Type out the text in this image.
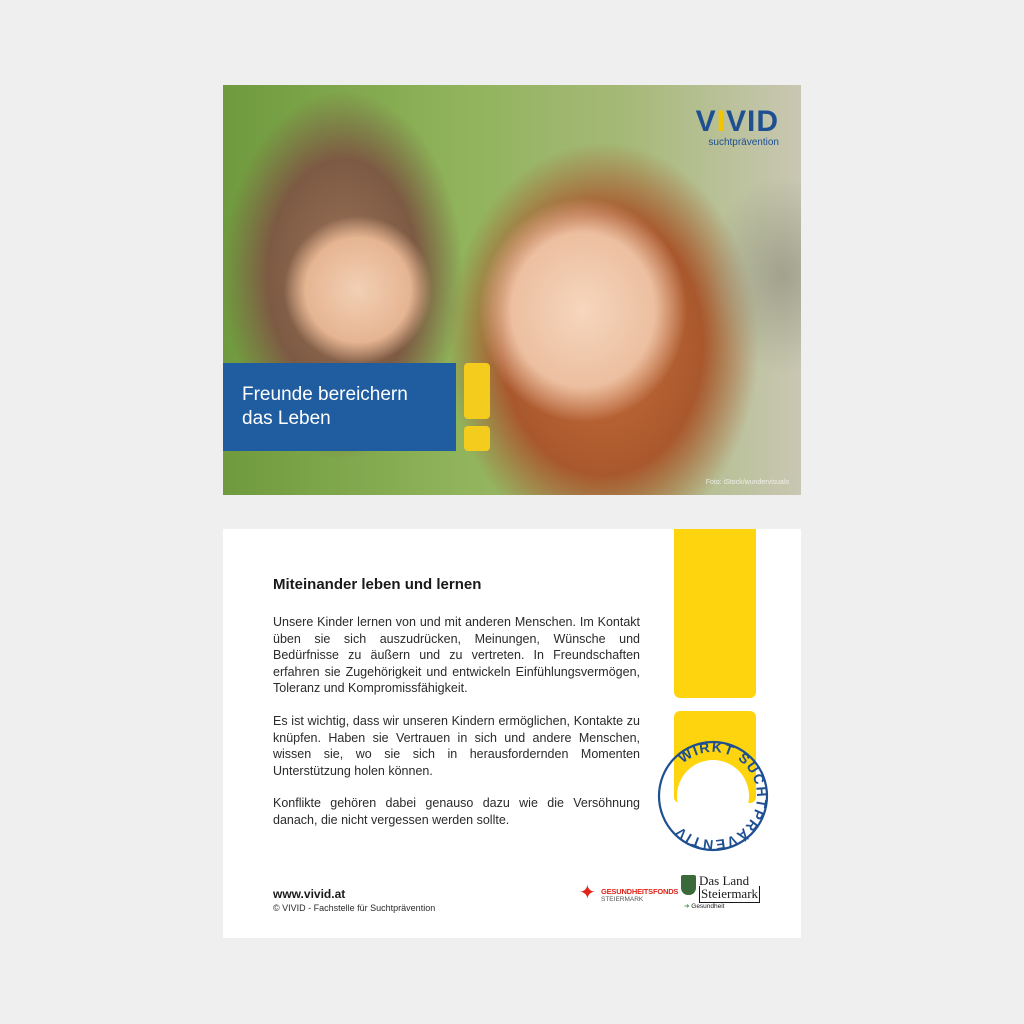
VIVID
suchtprävention
Freunde bereichern
das Leben
Foto: iStock/wundervisuals
WIRKT SUCHTPRÄVENTIV
Miteinander leben und lernen

Unsere Kinder lernen von und mit anderen Menschen. Im Kontakt üben sie sich auszudrücken, Meinungen, Wünsche und Bedürfnisse zu äußern und zu vertreten. In Freundschaften erfahren sie Zugehörigkeit und entwickeln Einfühlungsvermögen, Toleranz und Kompromissfähigkeit.

Es ist wichtig, dass wir unseren Kindern ermöglichen, Kontakte zu knüpfen. Haben sie Vertrauen in sich und andere Menschen, wissen sie, wo sie sich in herausfordernden Momenten Unterstützung holen können.

Konflikte gehören dabei genauso dazu wie die Versöhnung danach, die nicht vergessen werden sollte.

www.vivid.at
© VIVID - Fachstelle für Suchtprävention
✦ GESUNDHEITSFONDS
STEIERMARK
Das Land
Steiermark
➔ Gesundheit
